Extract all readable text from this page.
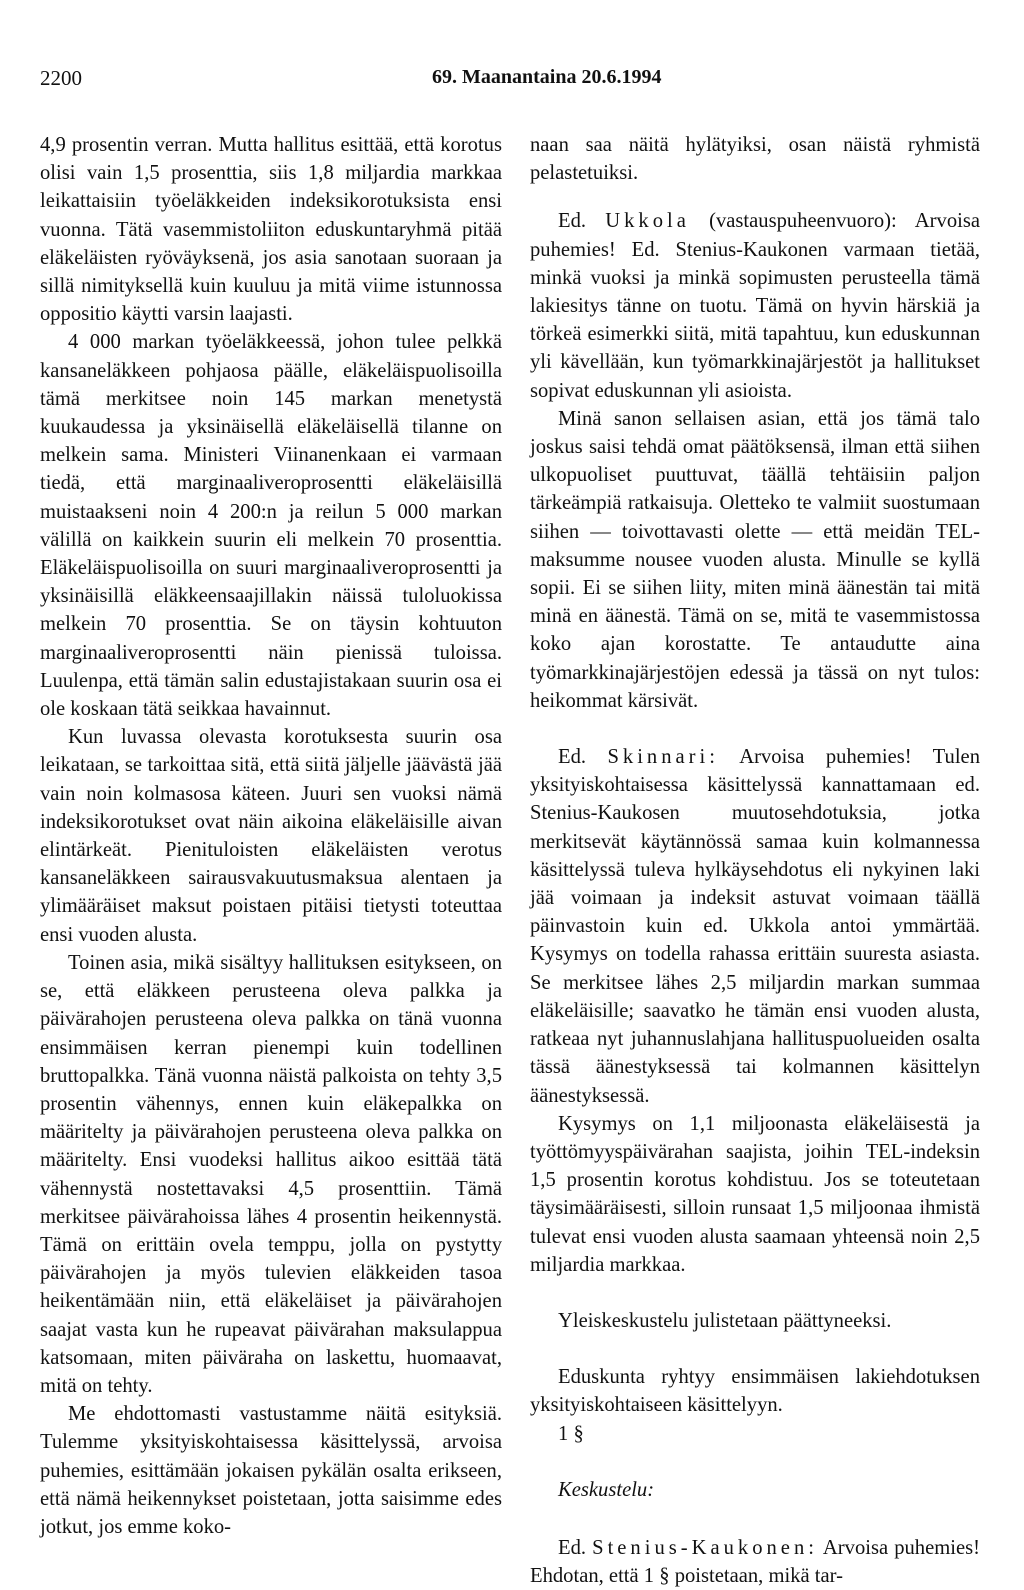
2200	69. Maanantaina 20.6.1994

4,9 prosentin verran. Mutta hallitus esittää, että korotus olisi vain 1,5 prosenttia, siis 1,8 miljardia markkaa leikattaisiin työeläkkeiden indeksikorotuksista ensi vuonna. Tätä vasemmistoliiton eduskuntaryhmä pitää eläkeläisten ryöväyksenä, jos asia sanotaan suoraan ja sillä nimityksellä kuin kuuluu ja mitä viime istunnossa oppositio käytti varsin laajasti.

4 000 markan työeläkkeessä, johon tulee pelkkä kansaneläkkeen pohjaosa päälle, eläkeläispuolisoilla tämä merkitsee noin 145 markan menetystä kuukaudessa ja yksinäisellä eläkeläisellä tilanne on melkein sama. Ministeri Viinanenkaan ei varmaan tiedä, että marginaaliveroprosentti eläkeläisillä muistaakseni noin 4 200:n ja reilun 5 000 markan välillä on kaikkein suurin eli melkein 70 prosenttia. Eläkeläispuolisoilla on suuri marginaaliveroprosentti ja yksinäisillä eläkkeensaajillakin näissä tuloluokissa melkein 70 prosenttia. Se on täysin kohtuuton marginaaliveroprosentti näin pienissä tuloissa. Luulenpa, että tämän salin edustajistakaan suurin osa ei ole koskaan tätä seikkaa havainnut.

Kun luvassa olevasta korotuksesta suurin osa leikataan, se tarkoittaa sitä, että siitä jäljelle jäävästä jää vain noin kolmasosa käteen. Juuri sen vuoksi nämä indeksikorotukset ovat näin aikoina eläkeläisille aivan elintärkeät. Pienituloisten eläkeläisten verotus kansaneläkkeen sairausvakuutusmaksua alentaen ja ylimääräiset maksut poistaen pitäisi tietysti toteuttaa ensi vuoden alusta.

Toinen asia, mikä sisältyy hallituksen esitykseen, on se, että eläkkeen perusteena oleva palkka ja päivärahojen perusteena oleva palkka on tänä vuonna ensimmäisen kerran pienempi kuin todellinen bruttopalkka. Tänä vuonna näistä palkoista on tehty 3,5 prosentin vähennys, ennen kuin eläkepalkka on määritelty ja päivärahojen perusteena oleva palkka on määritelty. Ensi vuodeksi hallitus aikoo esittää tätä vähennystä nostettavaksi 4,5 prosenttiin. Tämä merkitsee päivärahoissa lähes 4 prosentin heikennystä. Tämä on erittäin ovela temppu, jolla on pystytty päivärahojen ja myös tulevien eläkkeiden tasoa heikentämään niin, että eläkeläiset ja päivärahojen saajat vasta kun he rupeavat päivärahan maksulappua katsomaan, miten päiväraha on laskettu, huomaavat, mitä on tehty.

Me ehdottomasti vastustamme näitä esityksiä. Tulemme yksityiskohtaisessa käsittelyssä, arvoisa puhemies, esittämään jokaisen pykälän osalta erikseen, että nämä heikennykset poistetaan, jotta saisimme edes jotkut, jos emme koko-

naan saa näitä hylätyiksi, osan näistä ryhmistä pelastetuiksi.

Ed. Ukkola (vastauspuheenvuoro): Arvoisa puhemies! Ed. Stenius-Kaukonen varmaan tietää, minkä vuoksi ja minkä sopimusten perusteella tämä lakiesitys tänne on tuotu. Tämä on hyvin härskiä ja törkeä esimerkki siitä, mitä tapahtuu, kun eduskunnan yli kävellään, kun työmarkkinajärjestöt ja hallitukset sopivat eduskunnan yli asioista.

Minä sanon sellaisen asian, että jos tämä talo joskus saisi tehdä omat päätöksensä, ilman että siihen ulkopuoliset puuttuvat, täällä tehtäisiin paljon tärkeämpiä ratkaisuja. Oletteko te valmiit suostumaan siihen — toivottavasti olette — että meidän TEL-maksumme nousee vuoden alusta. Minulle se kyllä sopii. Ei se siihen liity, miten minä äänestän tai mitä minä en äänestä. Tämä on se, mitä te vasemmistossa koko ajan korostatte. Te antaudutte aina työmarkkinajärjestöjen edessä ja tässä on nyt tulos: heikommat kärsivät.

Ed. Skinnari: Arvoisa puhemies! Tulen yksityiskohtaisessa käsittelyssä kannattamaan ed. Stenius-Kaukosen muutosehdotuksia, jotka merkitsevät käytännössä samaa kuin kolmannessa käsittelyssä tuleva hylkäysehdotus eli nykyinen laki jää voimaan ja indeksit astuvat voimaan täällä päinvastoin kuin ed. Ukkola antoi ymmärtää. Kysymys on todella rahassa erittäin suuresta asiasta. Se merkitsee lähes 2,5 miljardin markan summaa eläkeläisille; saavatko he tämän ensi vuoden alusta, ratkeaa nyt juhannuslahjana hallituspuolueiden osalta tässä äänestyksessä tai kolmannen käsittelyn äänestyksessä.

Kysymys on 1,1 miljoonasta eläkeläisestä ja työttömyyspäivärahan saajista, joihin TEL-indeksin 1,5 prosentin korotus kohdistuu. Jos se toteutetaan täysimääräisesti, silloin runsaat 1,5 miljoonaa ihmistä tulevat ensi vuoden alusta saamaan yhteensä noin 2,5 miljardia markkaa.

Yleiskeskustelu julistetaan päättyneeksi.

Eduskunta ryhtyy ensimmäisen lakiehdotuksen yksityiskohtaiseen käsittelyyn.

1 §

Keskustelu:

Ed. Stenius-Kaukonen: Arvoisa puhemies! Ehdotan, että 1 § poistetaan, mikä tar-
